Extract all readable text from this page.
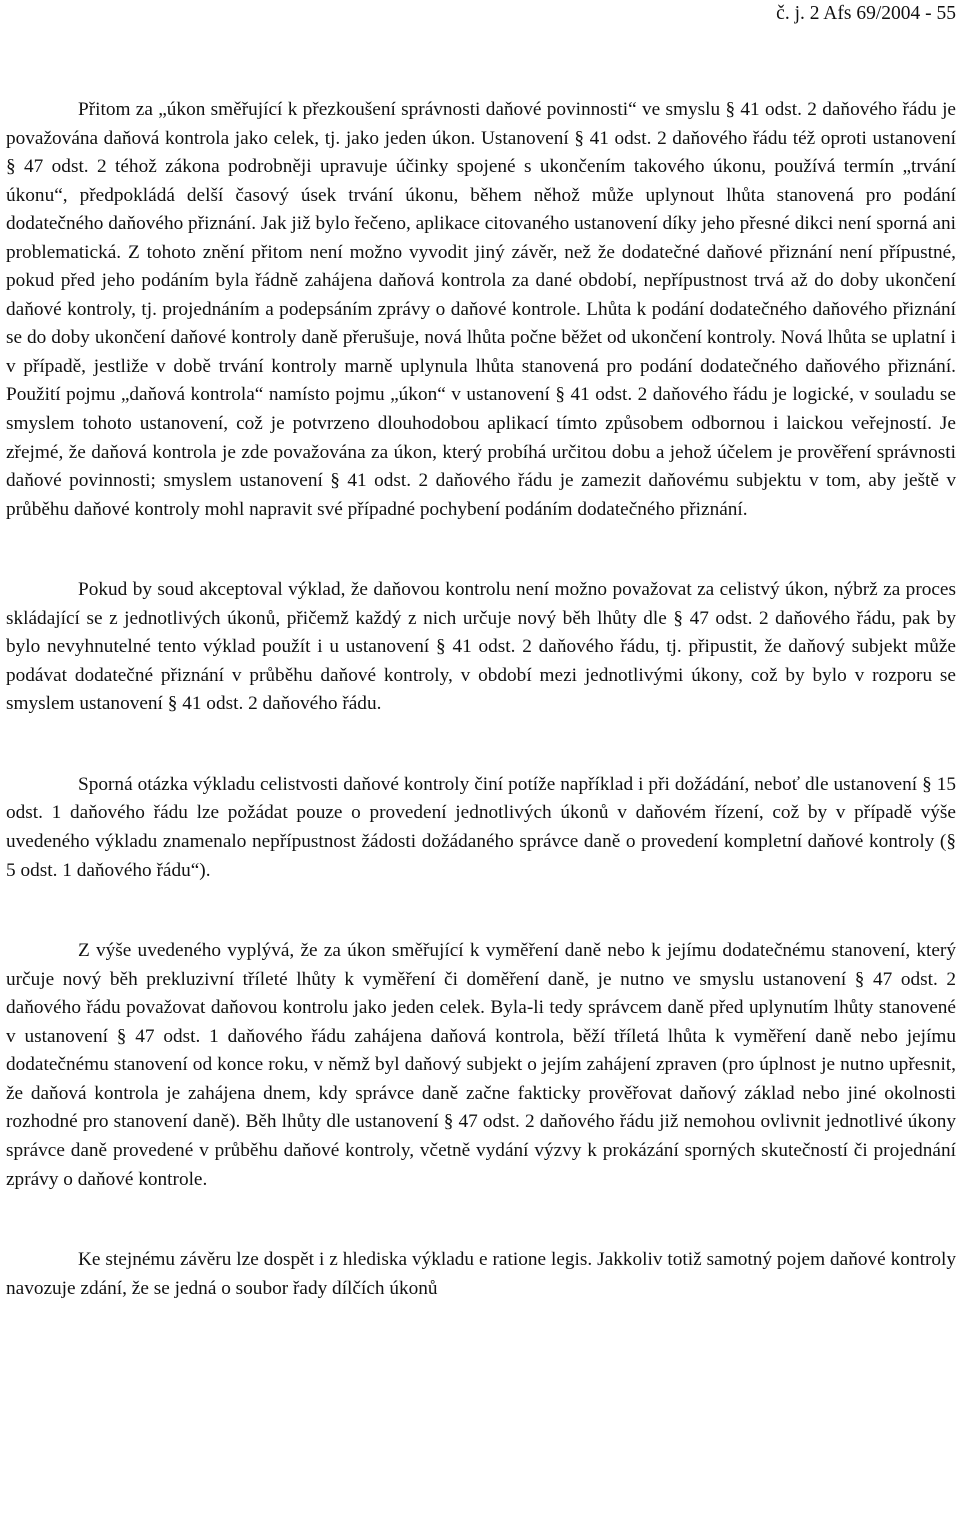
č. j. 2 Afs 69/2004 - 55

Přitom za „úkon směřující k přezkoušení správnosti daňové povinnosti“ ve smyslu § 41 odst. 2 daňového řádu je považována daňová kontrola jako celek, tj. jako jeden úkon. Ustanovení § 41 odst. 2 daňového řádu též oproti ustanovení § 47 odst. 2 téhož zákona podrobněji upravuje účinky spojené s ukončením takového úkonu, používá termín „trvání úkonu“, předpokládá delší časový úsek trvání úkonu, během něhož může uplynout lhůta stanovená pro podání dodatečného daňového přiznání. Jak již bylo řečeno, aplikace citovaného ustanovení díky jeho přesné dikci není sporná ani problematická. Z tohoto znění přitom není možno vyvodit jiný závěr, než že dodatečné daňové přiznání není přípustné, pokud před jeho podáním byla řádně zahájena daňová kontrola za dané období, nepřípustnost trvá až do doby ukončení daňové kontroly, tj. projednáním a podepsáním zprávy o daňové kontrole. Lhůta k podání dodatečného daňového přiznání se do doby ukončení daňové kontroly daně přerušuje, nová lhůta počne běžet od ukončení kontroly. Nová lhůta se uplatní i v případě, jestliže v době trvání kontroly marně uplynula lhůta stanovená pro podání dodatečného daňového přiznání. Použití pojmu „daňová kontrola“ namísto pojmu „úkon“ v ustanovení § 41 odst. 2 daňového řádu je logické, v souladu se smyslem tohoto ustanovení, což je potvrzeno dlouhodobou aplikací tímto způsobem odbornou i laickou veřejností. Je zřejmé, že daňová kontrola je zde považována za úkon, který probíhá určitou dobu a jehož účelem je prověření správnosti daňové povinnosti; smyslem ustanovení § 41 odst. 2 daňového řádu je zamezit daňovému subjektu v tom, aby ještě v průběhu daňové kontroly mohl napravit své případné pochybení podáním dodatečného přiznání.

Pokud by soud akceptoval výklad, že daňovou kontrolu není možno považovat za celistvý úkon, nýbrž za proces skládající se z jednotlivých úkonů, přičemž každý z nich určuje nový běh lhůty dle § 47 odst. 2 daňového řádu, pak by bylo nevyhnutelné tento výklad použít i u ustanovení § 41 odst. 2 daňového řádu, tj. připustit, že daňový subjekt může podávat dodatečné přiznání v průběhu daňové kontroly, v období mezi jednotlivými úkony, což by bylo v rozporu se smyslem ustanovení § 41 odst. 2 daňového řádu.

Sporná otázka výkladu celistvosti daňové kontroly činí potíže například i při dožádání, neboť dle ustanovení § 15 odst. 1 daňového řádu lze požádat pouze o provedení jednotlivých úkonů v daňovém řízení, což by v případě výše uvedeného výkladu znamenalo nepřípustnost žádosti dožádaného správce daně o provedení kompletní daňové kontroly (§ 5 odst. 1 daňového řádu“).

Z výše uvedeného vyplývá, že za úkon směřující k vyměření daně nebo k jejímu dodatečnému stanovení, který určuje nový běh prekluzivní tříleté lhůty k vyměření či doměření daně, je nutno ve smyslu ustanovení § 47 odst. 2 daňového řádu považovat daňovou kontrolu jako jeden celek. Byla-li tedy správcem daně před uplynutím lhůty stanovené v ustanovení § 47 odst. 1 daňového řádu zahájena daňová kontrola, běží tříletá lhůta k vyměření daně nebo jejímu dodatečnému stanovení od konce roku, v němž byl daňový subjekt o jejím zahájení zpraven (pro úplnost je nutno upřesnit, že daňová kontrola je zahájena dnem, kdy správce daně začne fakticky prověřovat daňový základ nebo jiné okolnosti rozhodné pro stanovení daně). Běh lhůty dle ustanovení § 47 odst. 2 daňového řádu již nemohou ovlivnit jednotlivé úkony správce daně provedené v průběhu daňové kontroly, včetně vydání výzvy k prokázání sporných skutečností či projednání zprávy o daňové kontrole.

Ke stejnému závěru lze dospět i z hlediska výkladu e ratione legis. Jakkoliv totiž samotný pojem daňové kontroly navozuje zdání, že se jedná o soubor řady dílčích úkonů
